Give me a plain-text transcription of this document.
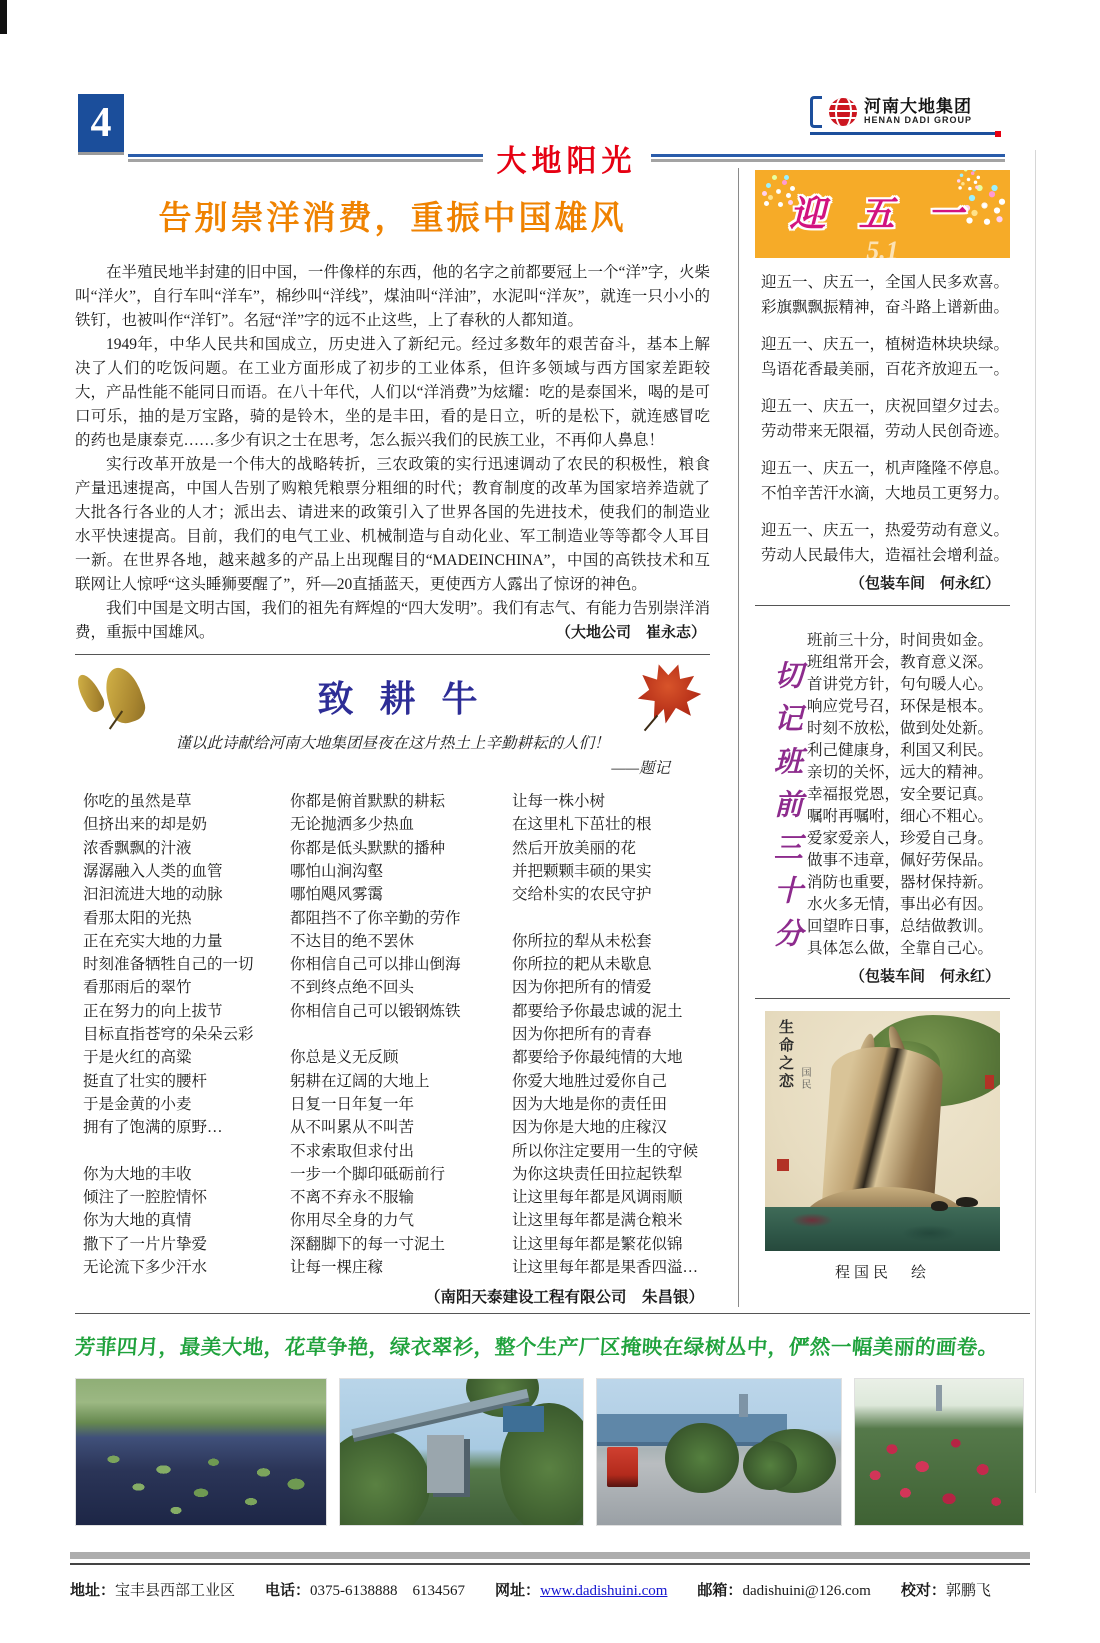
4
大地阳光
河南大地集团
HENAN DADI GROUP
告别崇洋消费，重振中国雄风

在半殖民地半封建的旧中国，一件像样的东西，他的名字之前都要冠上一个“洋”字，火柴叫“洋火”，自行车叫“洋车”，棉纱叫“洋线”，煤油叫“洋油”，水泥叫“洋灰”，就连一只小小的铁钉，也被叫作“洋钉”。名冠“洋”字的远不止这些，上了春秋的人都知道。

1949年，中华人民共和国成立，历史进入了新纪元。经过多数年的艰苦奋斗，基本上解决了人们的吃饭问题。在工业方面形成了初步的工业体系，但许多领域与西方国家差距较大，产品性能不能同日而语。在八十年代，人们以“洋消费”为炫耀：吃的是泰国米，喝的是可口可乐，抽的是万宝路，骑的是铃木，坐的是丰田，看的是日立，听的是松下，就连感冒吃的药也是康泰克……多少有识之士在思考，怎么振兴我们的民族工业，不再仰人鼻息！

实行改革开放是一个伟大的战略转折，三农政策的实行迅速调动了农民的积极性，粮食产量迅速提高，中国人告别了购粮凭粮票分粗细的时代；教育制度的改革为国家培养造就了大批各行各业的人才；派出去、请进来的政策引入了世界各国的先进技术，使我们的制造业水平快速提高。目前，我们的电气工业、机械制造与自动化业、军工制造业等等都令人耳目一新。在世界各地，越来越多的产品上出现醒目的“MADEINCHINA”，中国的高铁技术和互联网让人惊呼“这头睡狮要醒了”，歼—20直插蓝天，更使西方人露出了惊讶的神色。

我们中国是文明古国，我们的祖先有辉煌的“四大发明”。我们有志气、有能力告别崇洋消费，重振中国雄风。	（大地公司　崔永志）
致耕牛
谨以此诗献给河南大地集团昼夜在这片热土上辛勤耕耘的人们！
——题记

你吃的虽然是草

但挤出来的却是奶

浓香飘飘的汁液

潺潺融入人类的血管

汩汩流进大地的动脉

看那太阳的光热

正在充实大地的力量

时刻准备牺牲自己的一切

看那雨后的翠竹

正在努力的向上拔节

目标直指苍穹的朵朵云彩

于是火红的高粱

挺直了壮实的腰杆

于是金黄的小麦

拥有了饱满的原野…

你为大地的丰收

倾注了一腔腔情怀

你为大地的真情

撒下了一片片挚爱

无论流下多少汗水

你都是俯首默默的耕耘

无论抛洒多少热血

你都是低头默默的播种

哪怕山涧沟壑

哪怕飓风雾霭

都阻挡不了你辛勤的劳作

不达目的绝不罢休

你相信自己可以排山倒海

不到终点绝不回头

你相信自己可以锻钢炼铁

你总是义无反顾

躬耕在辽阔的大地上

日复一日年复一年

从不叫累从不叫苦

不求索取但求付出

一步一个脚印砥砺前行

不离不弃永不服输

你用尽全身的力气

深翻脚下的每一寸泥土

让每一棵庄稼

让每一株小树

在这里札下茁壮的根

然后开放美丽的花

并把颗颗丰硕的果实

交给朴实的农民守护

你所拉的犁从未松套

你所拉的耙从未歇息

因为你把所有的情爱

都要给予你最忠诚的泥土

因为你把所有的青春

都要给予你最纯情的大地

你爱大地胜过爱你自己

因为大地是你的责任田

因为你是大地的庄稼汉

所以你注定要用一生的守候

为你这块责任田拉起铁犁

让这里每年都是风调雨顺

让这里每年都是满仓粮米

让这里每年都是繁花似锦

让这里每年都是果香四溢…

（南阳天泰建设工程有限公司　朱昌银）
迎 五 一
5.1

迎五一、庆五一，全国人民多欢喜。

彩旗飘飘振精神，奋斗路上谱新曲。

迎五一、庆五一，植树造林块块绿。

鸟语花香最美丽，百花齐放迎五一。

迎五一、庆五一，庆祝回望夕过去。

劳动带来无限福，劳动人民创奇迹。

迎五一、庆五一，机声隆隆不停息。

不怕辛苦汗水滴，大地员工更努力。

迎五一、庆五一，热爱劳动有意义。

劳动人民最伟大，造福社会增利益。

（包装车间　何永红）
切记班前三十分

班前三十分，时间贵如金。

班组常开会，教育意义深。

首讲党方针，句句暖人心。

响应党号召，环保是根本。

时刻不放松，做到处处新。

利己健康身，利国又利民。

亲切的关怀，远大的精神。

幸福报党恩，安全要记真。

嘱咐再嘱咐，细心不粗心。

爱家爱亲人，珍爱自己身。

做事不违章，佩好劳保品。

消防也重要，器材保持新。

水火多无情，事出必有因。

回望昨日事，总结做教训。

具体怎么做，全靠自己心。

（包装车间　何永红）
生命之恋 国民
程国民　绘
芳菲四月，最美大地，花草争艳，绿衣翠衫，整个生产厂区掩映在绿树丛中，俨然一幅美丽的画卷。
地址：宝丰县西部工业区 电话：0375-6138888　6134567 网址：www.dadishuini.com 邮箱：dadishuini@126.com 校对：郭鹏飞
